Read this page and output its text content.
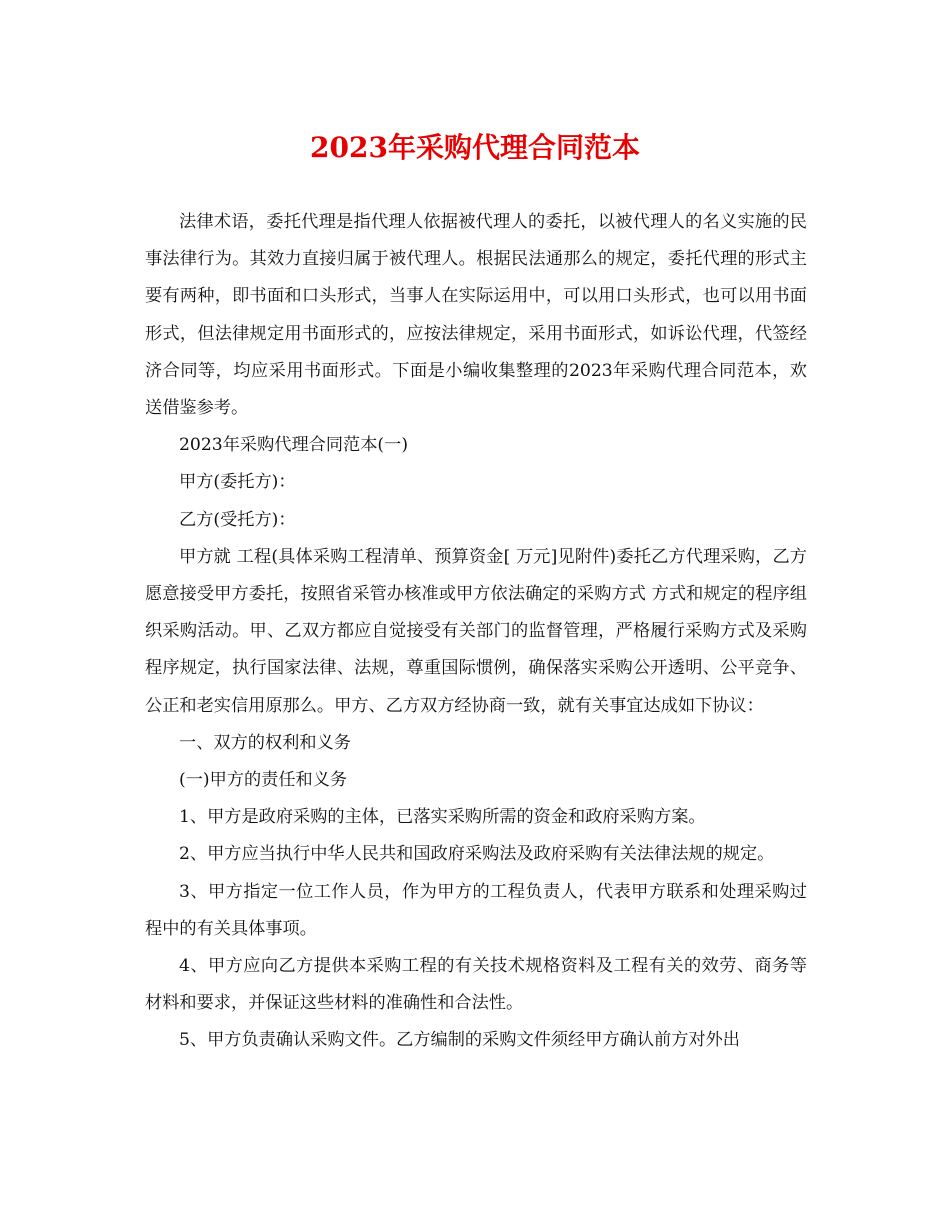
2023年采购代理合同范本

法律术语，委托代理是指代理人依据被代理人的委托，以被代理人的名义实施的民事法律行为。其效力直接归属于被代理人。根据民法通那么的规定，委托代理的形式主要有两种，即书面和口头形式，当事人在实际运用中，可以用口头形式，也可以用书面形式，但法律规定用书面形式的，应按法律规定，采用书面形式，如诉讼代理，代签经济合同等，均应采用书面形式。下面是小编收集整理的2023年采购代理合同范本，欢送借鉴参考。

2023年采购代理合同范本(一)

甲方(委托方)：

乙方(受托方)：

甲方就 工程(具体采购工程清单、预算资金[ 万元]见附件)委托乙方代理采购，乙方愿意接受甲方委托，按照省采管办核准或甲方依法确定的采购方式 方式和规定的程序组织采购活动。甲、乙双方都应自觉接受有关部门的监督管理，严格履行采购方式及采购程序规定，执行国家法律、法规，尊重国际惯例，确保落实采购公开透明、公平竞争、公正和老实信用原那么。甲方、乙方双方经协商一致，就有关事宜达成如下协议：

一、双方的权利和义务

(一)甲方的责任和义务

1、甲方是政府采购的主体，已落实采购所需的资金和政府采购方案。

2、甲方应当执行中华人民共和国政府采购法及政府采购有关法律法规的规定。

3、甲方指定一位工作人员，作为甲方的工程负责人，代表甲方联系和处理采购过程中的有关具体事项。

4、甲方应向乙方提供本采购工程的有关技术规格资料及工程有关的效劳、商务等材料和要求，并保证这些材料的准确性和合法性。

5、甲方负责确认采购文件。乙方编制的采购文件须经甲方确认前方对外出
